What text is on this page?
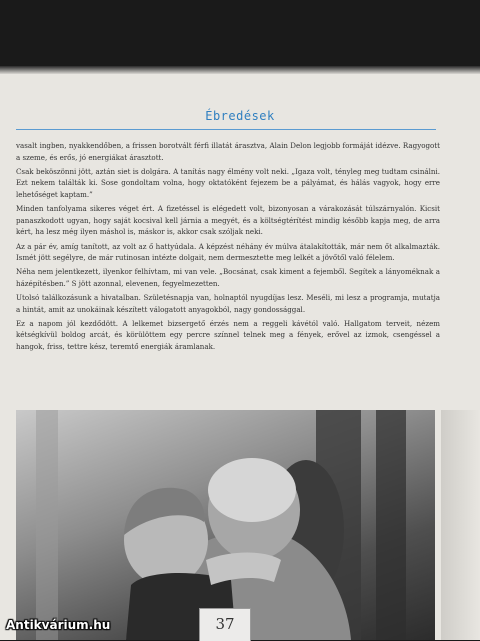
Ébredések

vasalt ingben, nyakkendőben, a frissen borotvált férfi illatát árasztva, Alain Delon legjobb formáját idézve. Ragyogott a szeme, és erős, jó energiákat árasztott.

Csak beköszönni jött, aztán siet is dolgára. A tanítás nagy élmény volt neki. „Igaza volt, tényleg meg tudtam csinálni. Ezt nekem találták ki. Sose gondoltam volna, hogy oktatóként fejezem be a pályámat, és hálás vagyok, hogy erre lehetőséget kaptam.”

Minden tanfolyama sikeres véget ért. A fizetéssel is elégedett volt, bizonyosan a várakozását túlszárnyalón. Kicsit panaszkodott ugyan, hogy saját kocsival kell járnia a megyét, és a költségtérítést mindig később kapja meg, de arra kért, ha lesz még ilyen máshol is, máskor is, akkor csak szóljak neki.

Az a pár év, amíg tanított, az volt az ő hattyúdala. A képzést néhány év múlva átalakították, már nem őt alkalmazták. Ismét jött segélyre, de már rutinosan intézte dolgait, nem dermesztette meg lelkét a jövőtől való félelem.

Néha nem jelentkezett, ilyenkor felhívtam, mi van vele. „Bocsánat, csak kiment a fejemből. Segítek a lányoméknak a házépítésben.” S jött azonnal, elevenen, fegyelmezetten.

Utolsó találkozásunk a hivatalban. Születésnapja van, holnaptól nyugdíjas lesz. Meséli, mi lesz a programja, mutatja a hintát, amit az unokáinak készített válogatott anyagokból, nagy gondossággal.

Ez a napom jól kezdődött. A lelkemet bizsergető érzés nem a reggeli kávétól való. Hallgatom terveit, nézem kétségkívül boldog arcát, és körülöttem egy percre színnel telnek meg a fények, erővel az izmok, csengéssel a hangok, friss, tettre kész, teremtő energiák áramlanak.

37
Antikvárium.hu
